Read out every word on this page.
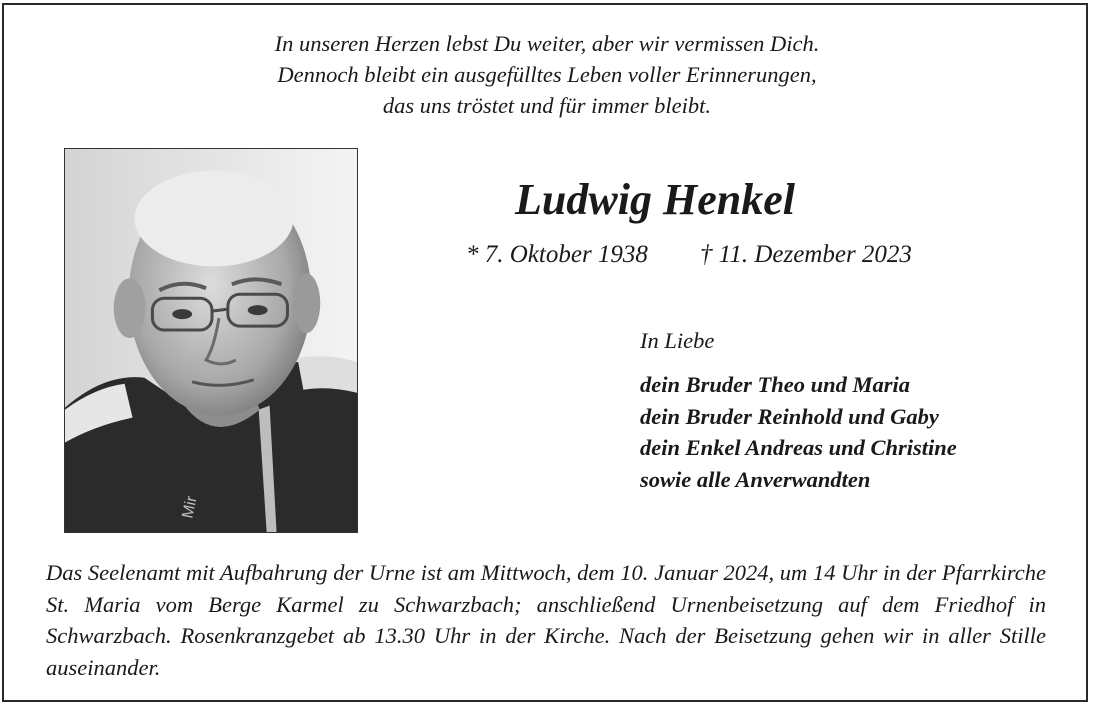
In unseren Herzen lebst Du weiter, aber wir vermissen Dich.
Dennoch bleibt ein ausgefülltes Leben voller Erinnerungen,
das uns tröstet und für immer bleibt.
Mir
Ludwig Henkel
* 7. Oktober 1938 † 11. Dezember 2023
In Liebe
dein Bruder Theo und Maria
dein Bruder Reinhold und Gaby
dein Enkel Andreas und Christine
sowie alle Anverwandten
Das Seelenamt mit Aufbahrung der Urne ist am Mittwoch, dem 10. Januar 2024, um 14 Uhr in der Pfarrkirche St. Maria vom Berge Karmel zu Schwarzbach; anschließend Urnenbeisetzung auf dem Friedhof in Schwarzbach. Rosenkranzgebet ab 13.30 Uhr in der Kirche. Nach der Beisetzung gehen wir in aller Stille auseinander.
